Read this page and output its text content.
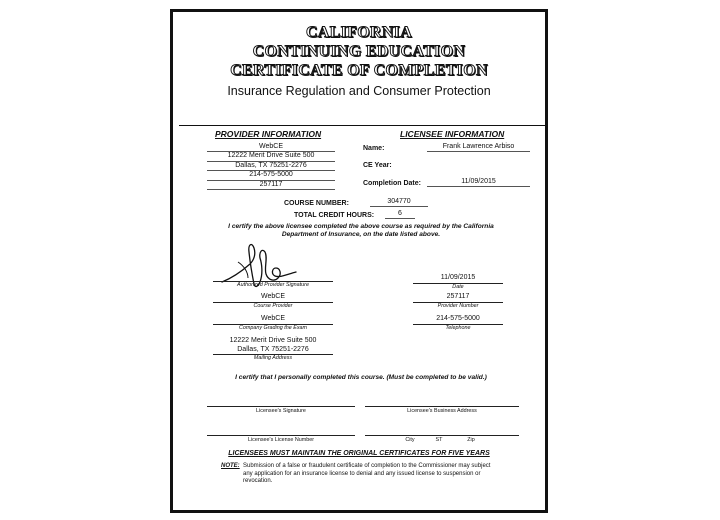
CALIFORNIA
CONTINUING EDUCATION
CERTIFICATE OF COMPLETION
Insurance Regulation and Consumer Protection
PROVIDER INFORMATION	LICENSEE INFORMATION
WebCE
12222 Merit Drive Suite 500
Dallas, TX 75251-2276
214-575-5000
257117
Name:	Frank Lawrence Arbiso
CE Year:
Completion Date:	11/09/2015
COURSE NUMBER:	304770
TOTAL CREDIT HOURS:	6
I certify the above licensee completed the above course as required by the California Department of Insurance, on the date listed above.
Authorized Provider Signature
WebCE
Course Provider
WebCE
Company Grading the Exam
12222 Merit Drive Suite 500
Dallas, TX 75251-2276
Mailing Address
11/09/2015
Date
257117
Provider Number
214-575-5000
Telephone
I certify that I personally completed this course. (Must be completed to be valid.)
Licensee's Signature	Licensee's Business Address
Licensee's License Number	City	ST	Zip
LICENSEES MUST MAINTAIN THE ORIGINAL CERTIFICATES FOR FIVE YEARS
NOTE: Submission of a false or fraudulent certificate of completion to the Commissioner may subject any application for an insurance license to denial and any issued license to suspension or revocation.
